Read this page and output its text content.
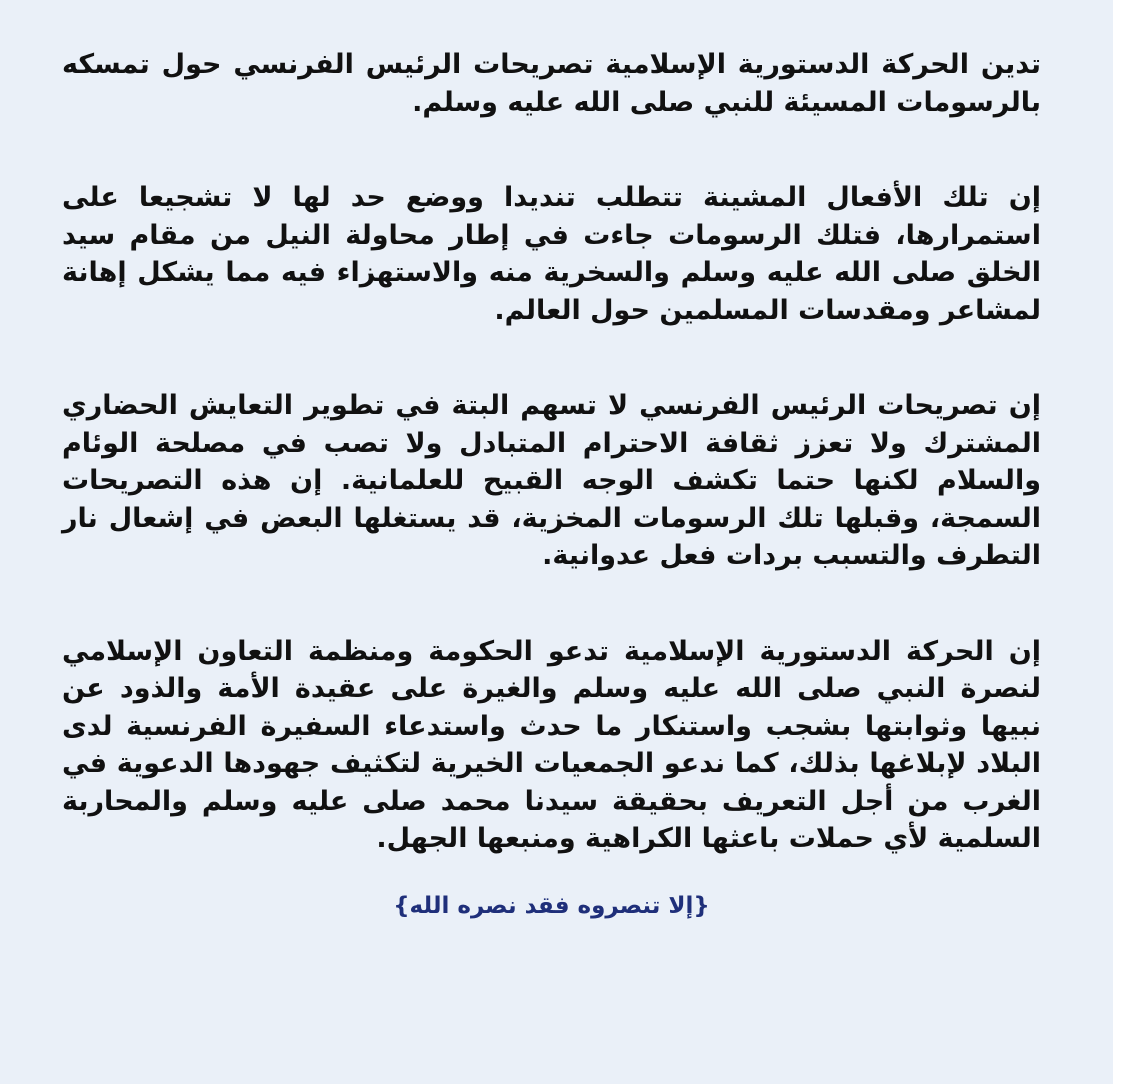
تدين الحركة الدستورية الإسلامية تصريحات الرئيس الفرنسي حول تمسكه بالرسومات المسيئة للنبي صلى الله عليه وسلم.

إن تلك الأفعال المشينة تتطلب تنديدا ووضع حد لها لا تشجيعا على استمرارها، فتلك الرسومات جاءت في إطار محاولة النيل من مقام سيد الخلق صلى الله عليه وسلم والسخرية منه والاستهزاء فيه مما يشكل إهانة لمشاعر ومقدسات المسلمين حول العالم.

إن تصريحات الرئيس الفرنسي لا تسهم البتة في تطوير التعايش الحضاري المشترك ولا تعزز ثقافة الاحترام المتبادل ولا تصب في مصلحة الوئام والسلام لكنها حتما تكشف الوجه القبيح للعلمانية. إن هذه التصريحات السمجة، وقبلها تلك الرسومات المخزية، قد يستغلها البعض في إشعال نار التطرف والتسبب بردات فعل عدوانية.

إن الحركة الدستورية الإسلامية تدعو الحكومة ومنظمة التعاون الإسلامي لنصرة النبي صلى الله عليه وسلم والغيرة على عقيدة الأمة والذود عن نبيها وثوابتها بشجب واستنكار ما حدث واستدعاء السفيرة الفرنسية لدى البلاد لإبلاغها بذلك، كما ندعو الجمعيات الخيرية لتكثيف جهودها الدعوية في الغرب من أجل التعريف بحقيقة سيدنا محمد صلى عليه وسلم والمحاربة السلمية لأي حملات باعثها الكراهية ومنبعها الجهل.

{إلا تنصروه فقد نصره الله}
